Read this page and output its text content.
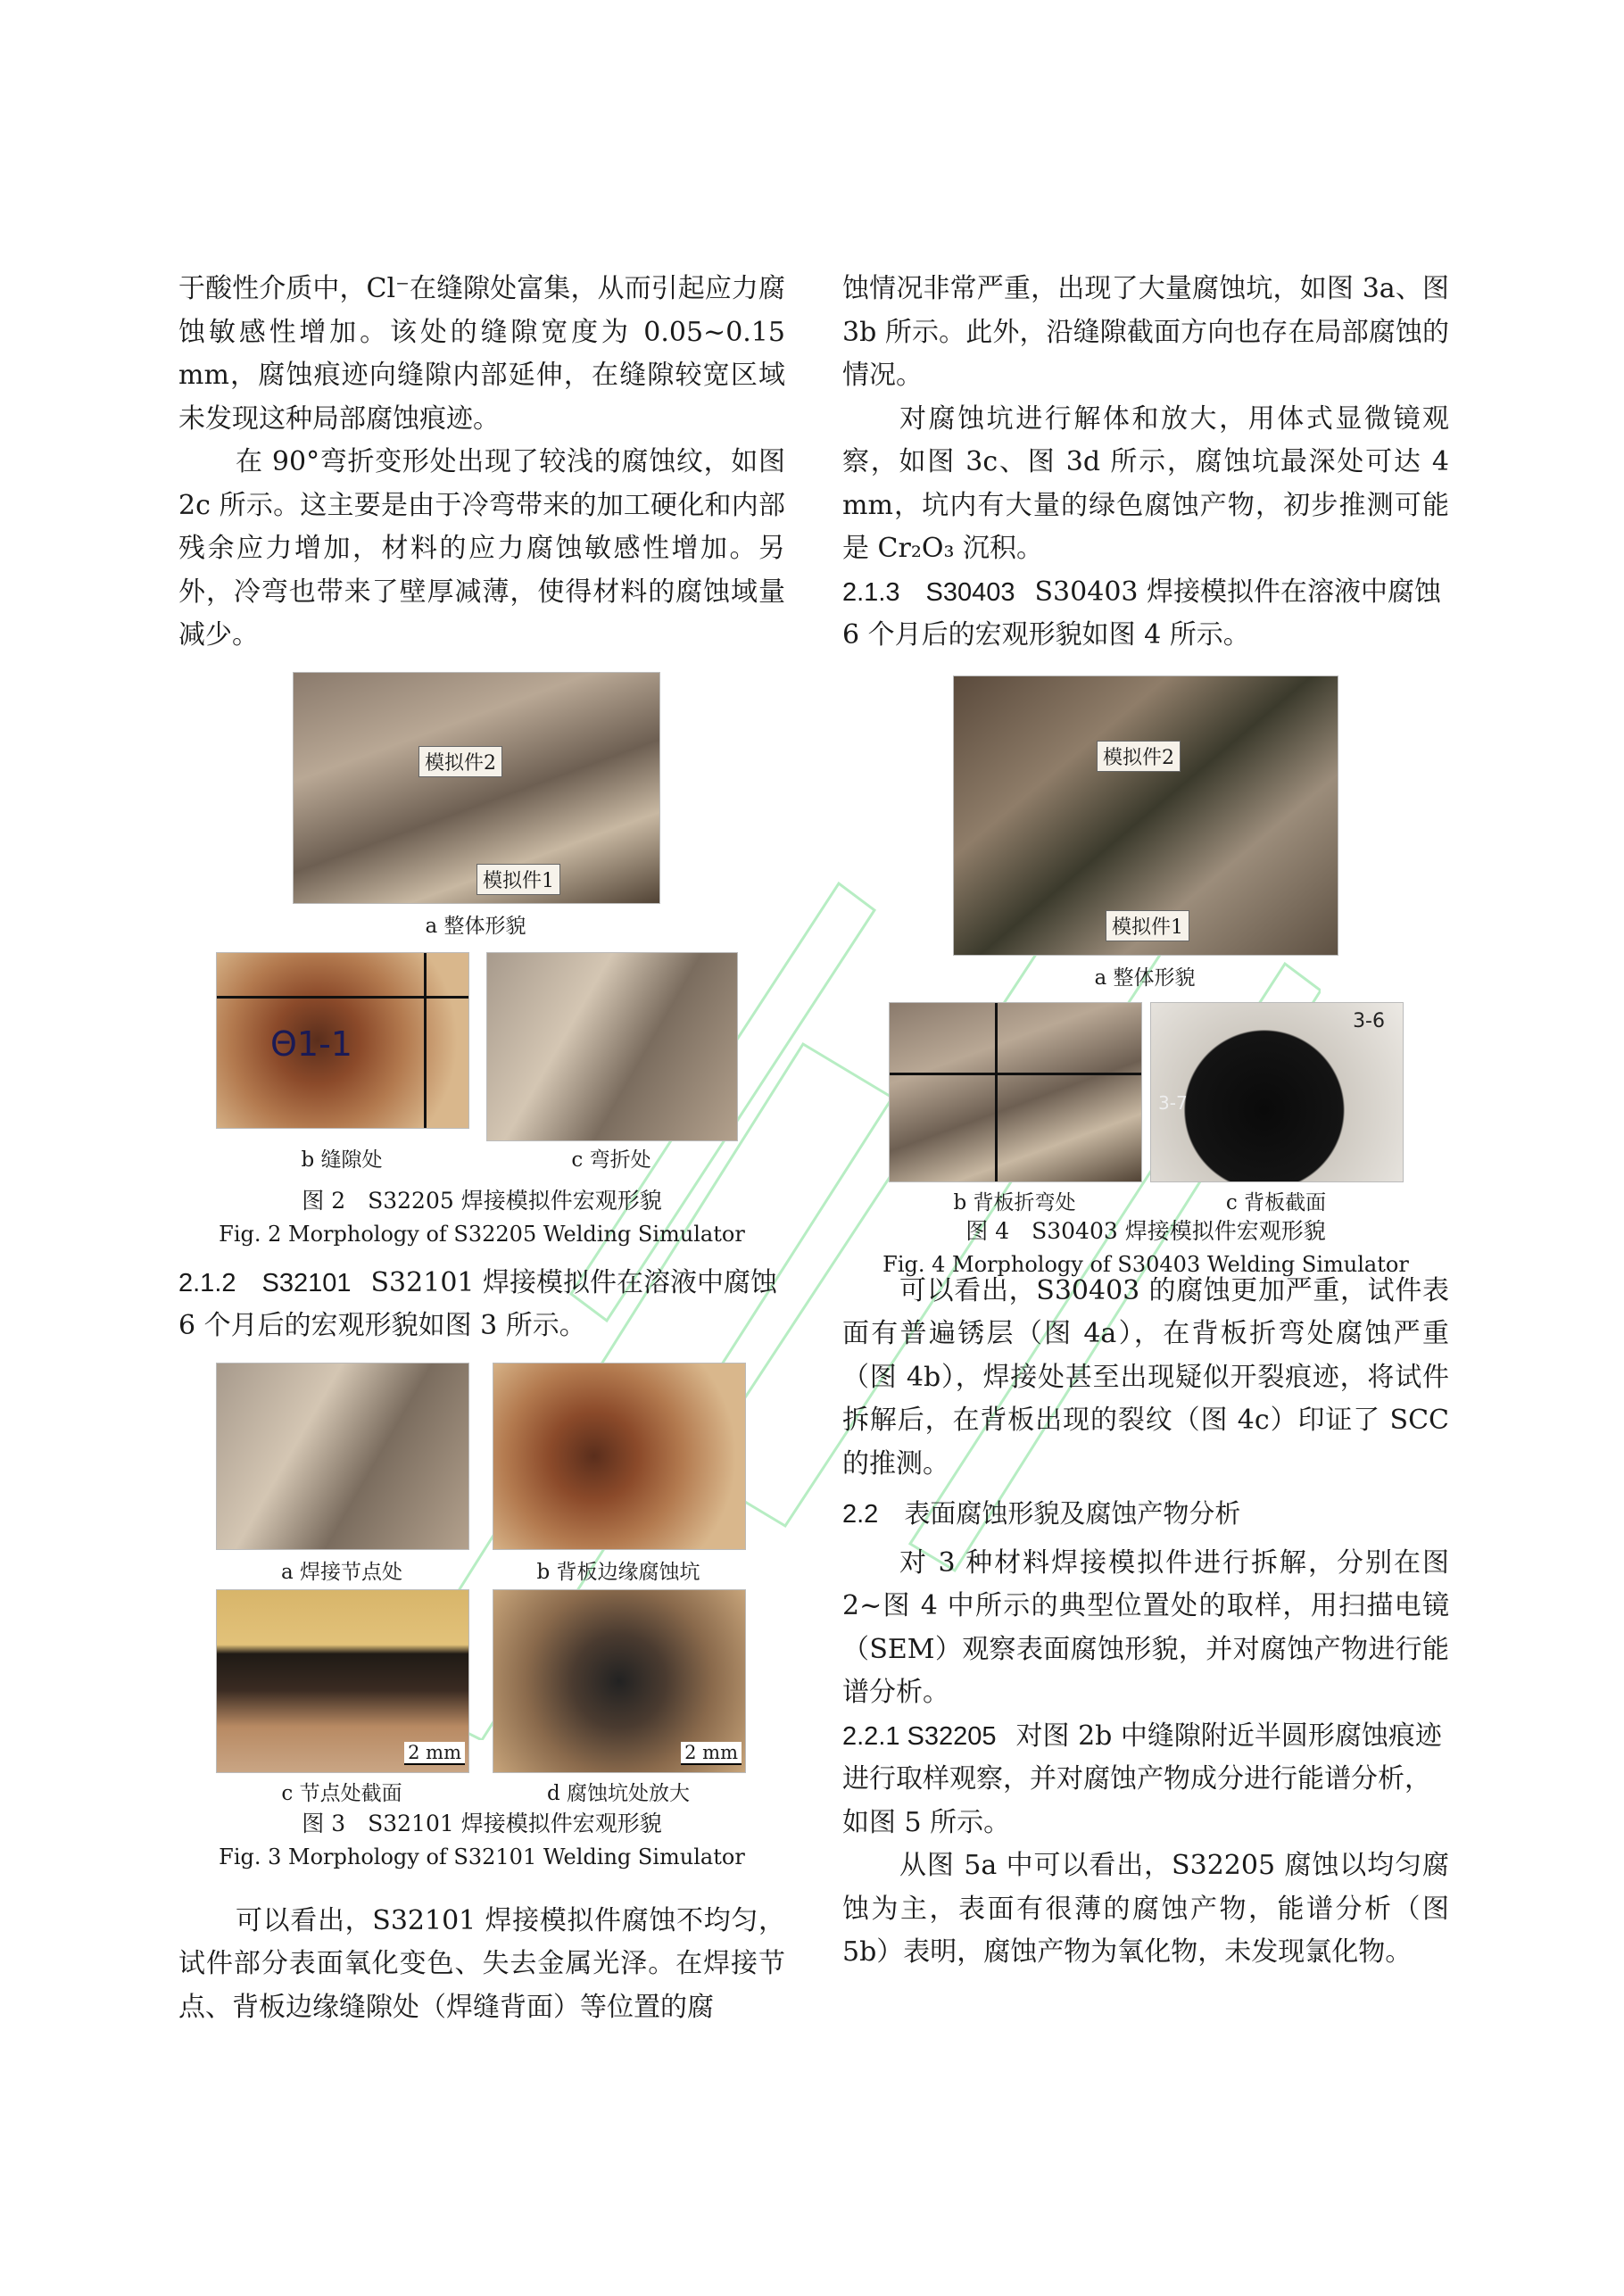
于酸性介质中，Cl⁻在缝隙处富集，从而引起应力腐蚀敏感性增加。该处的缝隙宽度为 0.05~0.15 mm，腐蚀痕迹向缝隙内部延伸，在缝隙较宽区域未发现这种局部腐蚀痕迹。

在 90°弯折变形处出现了较浅的腐蚀纹，如图 2c 所示。这主要是由于冷弯带来的加工硬化和内部残余应力增加，材料的应力腐蚀敏感性增加。另外，冷弯也带来了壁厚减薄，使得材料的腐蚀域量减少。

模拟件2
模拟件1
a 整体形貌
Θ1-1
b 缝隙处	c 弯折处

图 2　S32205 焊接模拟件宏观形貌

Fig. 2 Morphology of S32205 Welding Simulator

2.1.2　S32101 S32101 焊接模拟件在溶液中腐蚀 6 个月后的宏观形貌如图 3 所示。

a 焊接节点处	b 背板边缘腐蚀坑
2 mm	2 mm
c 节点处截面	d 腐蚀坑处放大

图 3　S32101 焊接模拟件宏观形貌

Fig. 3 Morphology of S32101 Welding Simulator

可以看出，S32101 焊接模拟件腐蚀不均匀，试件部分表面氧化变色、失去金属光泽。在焊接节点、背板边缘缝隙处（焊缝背面）等位置的腐

蚀情况非常严重，出现了大量腐蚀坑，如图 3a、图 3b 所示。此外，沿缝隙截面方向也存在局部腐蚀的情况。

对腐蚀坑进行解体和放大，用体式显微镜观察，如图 3c、图 3d 所示，腐蚀坑最深处可达 4 mm，坑内有大量的绿色腐蚀产物，初步推测可能是 Cr₂O₃ 沉积。

2.1.3　S30403 S30403 焊接模拟件在溶液中腐蚀 6 个月后的宏观形貌如图 4 所示。

模拟件2
模拟件1
a 整体形貌
3-6
3-7
b 背板折弯处	c 背板截面

图 4　S30403 焊接模拟件宏观形貌

Fig. 4 Morphology of S30403 Welding Simulator

可以看出，S30403 的腐蚀更加严重，试件表面有普遍锈层（图 4a），在背板折弯处腐蚀严重（图 4b），焊接处甚至出现疑似开裂痕迹，将试件拆解后，在背板出现的裂纹（图 4c）印证了 SCC 的推测。

2.2　表面腐蚀形貌及腐蚀产物分析

对 3 种材料焊接模拟件进行拆解，分别在图 2~图 4 中所示的典型位置处的取样，用扫描电镜（SEM）观察表面腐蚀形貌，并对腐蚀产物进行能谱分析。

2.2.1 S32205 对图 2b 中缝隙附近半圆形腐蚀痕迹进行取样观察，并对腐蚀产物成分进行能谱分析，如图 5 所示。

从图 5a 中可以看出，S32205 腐蚀以均匀腐蚀为主，表面有很薄的腐蚀产物，能谱分析（图 5b）表明，腐蚀产物为氧化物，未发现氯化物。
